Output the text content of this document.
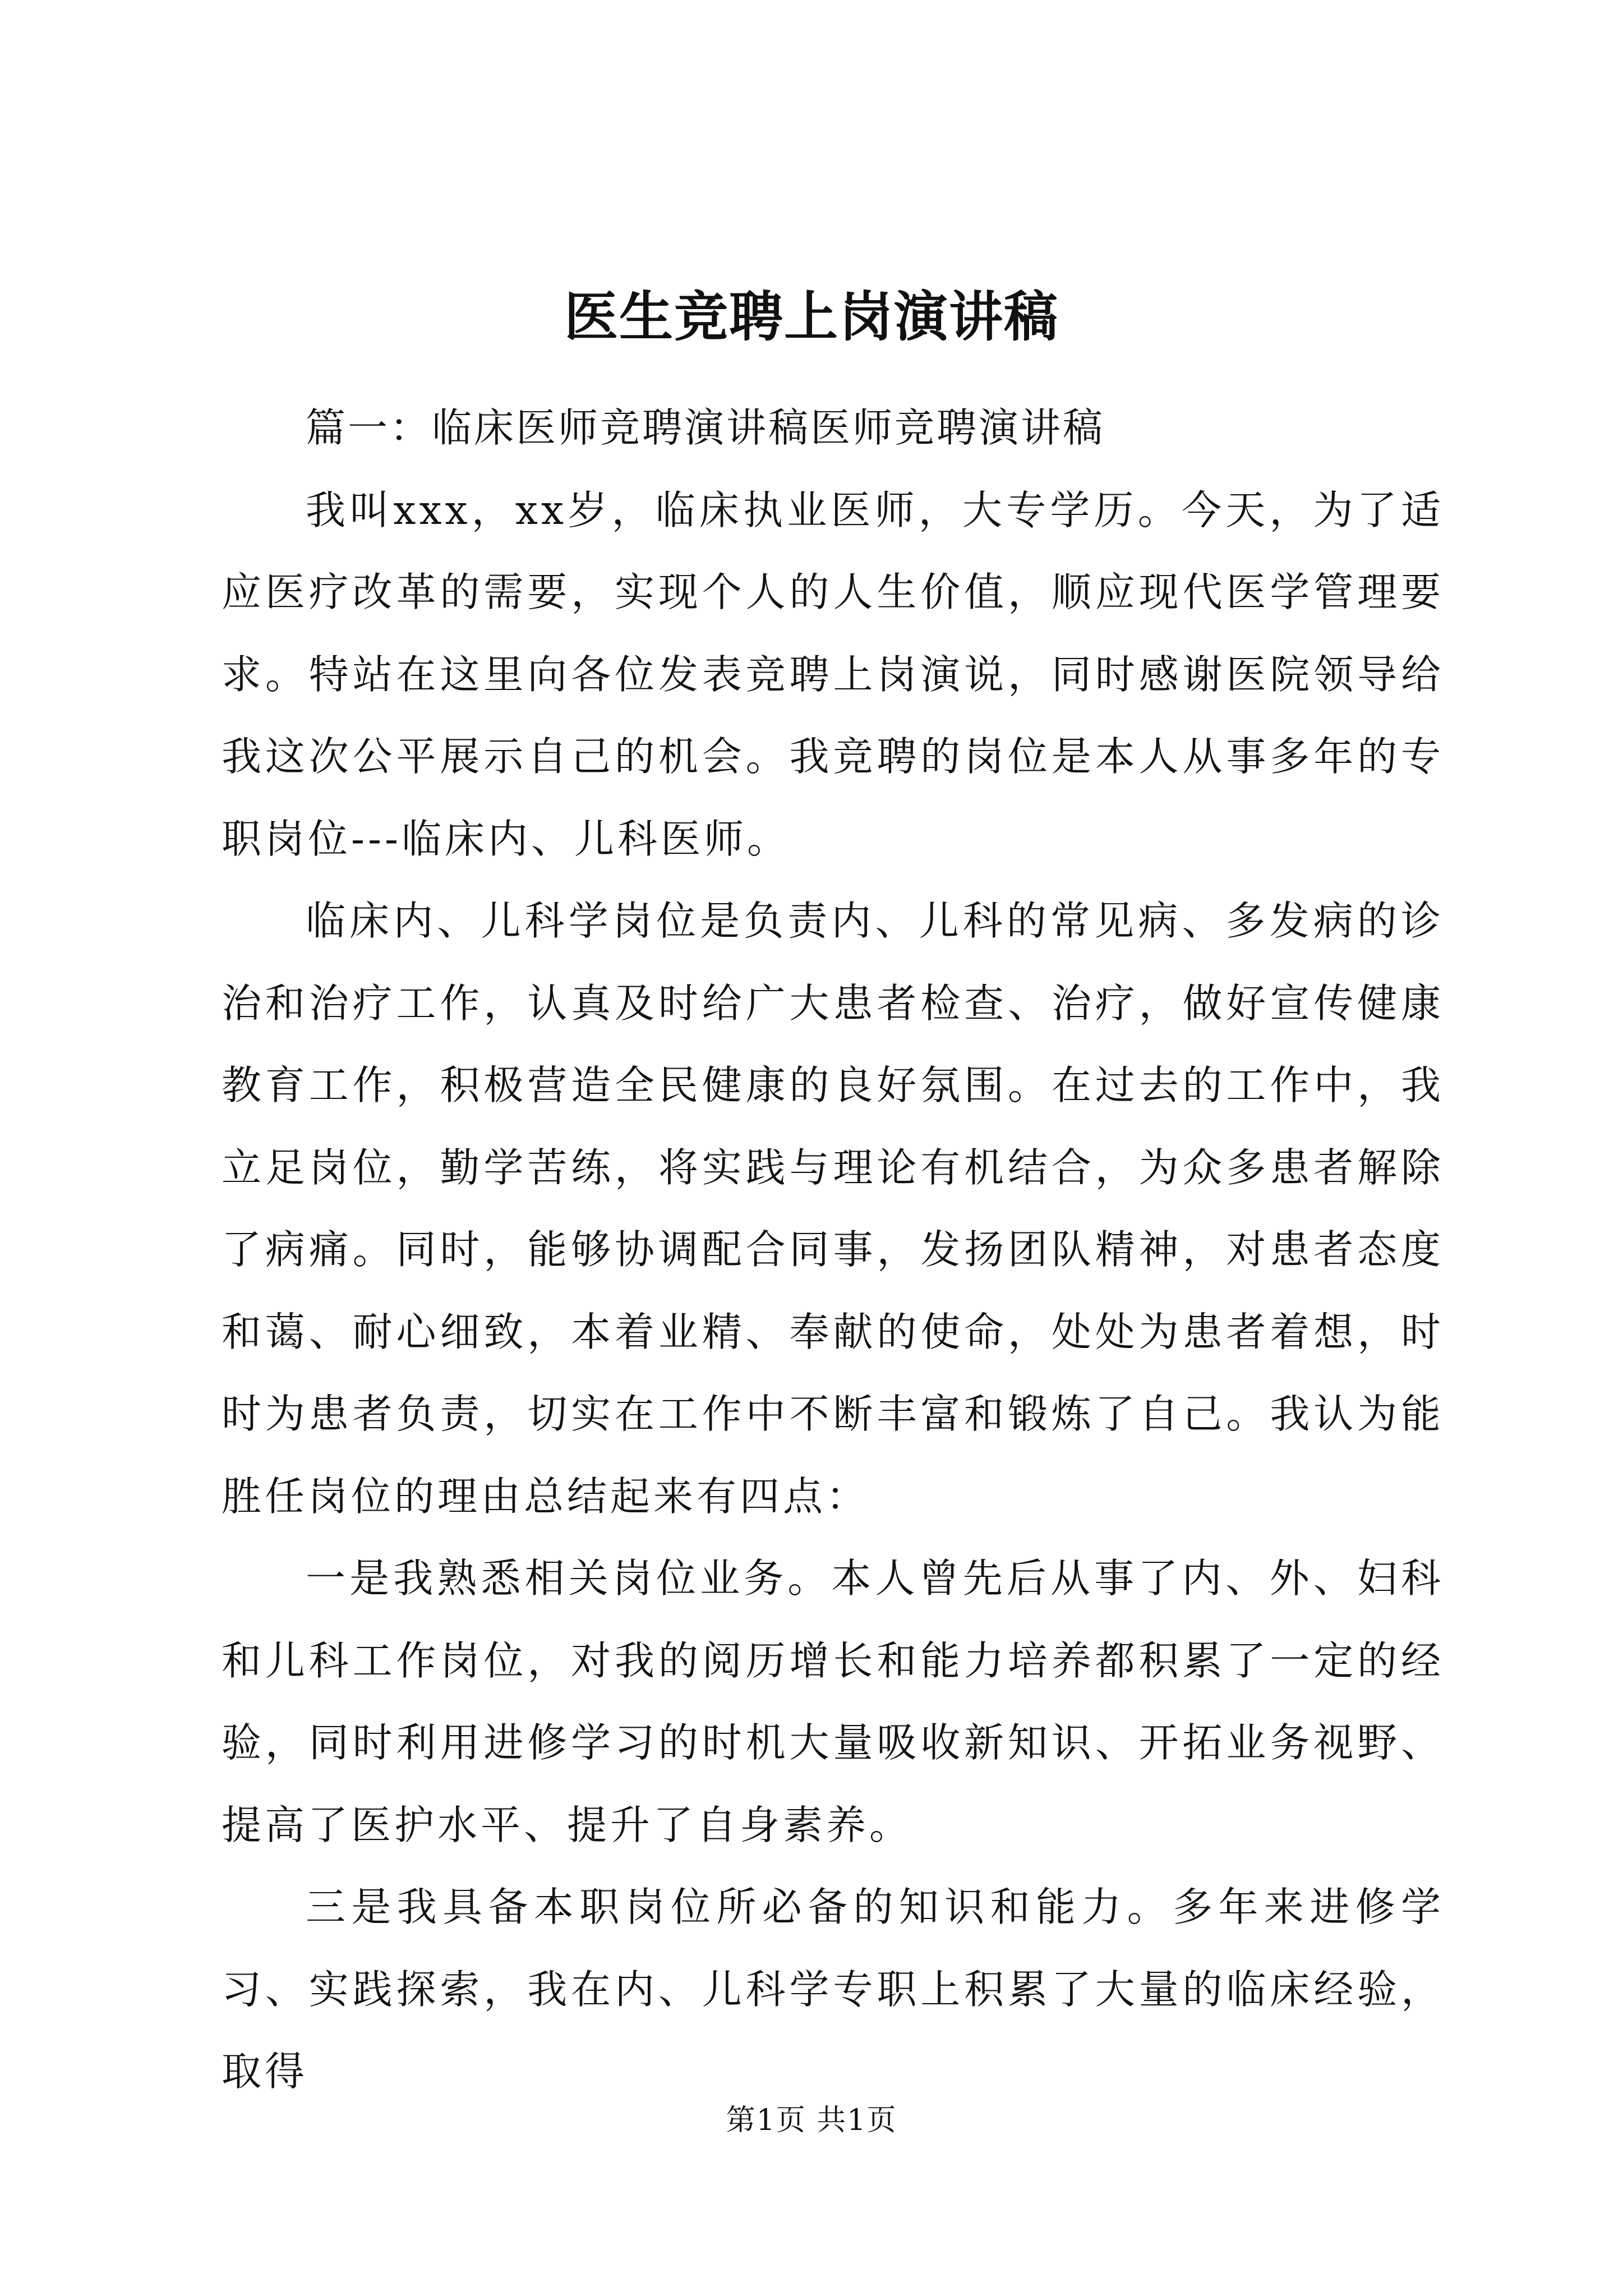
医生竞聘上岗演讲稿

篇一：临床医师竞聘演讲稿医师竞聘演讲稿

我叫xxx，xx岁，临床执业医师，大专学历。今天，为了适应医疗改革的需要，实现个人的人生价值，顺应现代医学管理要求。特站在这里向各位发表竞聘上岗演说，同时感谢医院领导给我这次公平展示自己的机会。我竞聘的岗位是本人从事多年的专职岗位---临床内、儿科医师。

临床内、儿科学岗位是负责内、儿科的常见病、多发病的诊治和治疗工作，认真及时给广大患者检查、治疗，做好宣传健康教育工作，积极营造全民健康的良好氛围。在过去的工作中，我立足岗位，勤学苦练，将实践与理论有机结合，为众多患者解除了病痛。同时，能够协调配合同事，发扬团队精神，对患者态度和蔼、耐心细致，本着业精、奉献的使命，处处为患者着想，时时为患者负责，切实在工作中不断丰富和锻炼了自己。我认为能胜任岗位的理由总结起来有四点：

一是我熟悉相关岗位业务。本人曾先后从事了内、外、妇科和儿科工作岗位，对我的阅历增长和能力培养都积累了一定的经验，同时利用进修学习的时机大量吸收新知识、开拓业务视野、提高了医护水平、提升了自身素养。

三是我具备本职岗位所必备的知识和能力。多年来进修学习、实践探索，我在内、儿科学专职上积累了大量的临床经验，取得

第1页 共1页
